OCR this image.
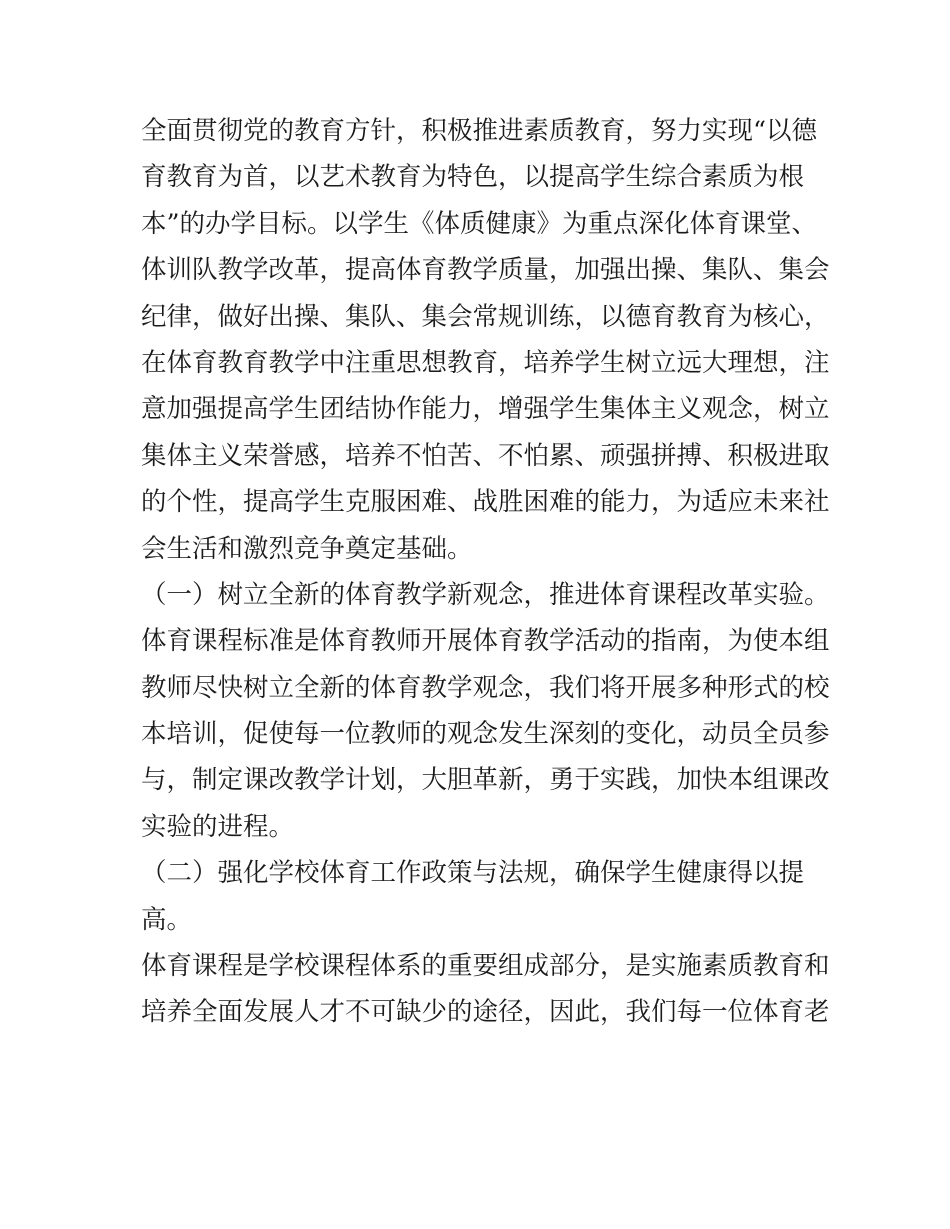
全面贯彻党的教育方针，积极推进素质教育，努力实现“以德
育教育为首，以艺术教育为特色，以提高学生综合素质为根
本”的办学目标。以学生《体质健康》为重点深化体育课堂、
体训队教学改革，提高体育教学质量，加强出操、集队、集会
纪律，做好出操、集队、集会常规训练，以德育教育为核心，
在体育教育教学中注重思想教育，培养学生树立远大理想，注
意加强提高学生团结协作能力，增强学生集体主义观念，树立
集体主义荣誉感，培养不怕苦、不怕累、顽强拼搏、积极进取
的个性，提高学生克服困难、战胜困难的能力，为适应未来社
会生活和激烈竞争奠定基础。
（一）树立全新的体育教学新观念，推进体育课程改革实验。
体育课程标准是体育教师开展体育教学活动的指南，为使本组
教师尽快树立全新的体育教学观念，我们将开展多种形式的校
本培训，促使每一位教师的观念发生深刻的变化，动员全员参
与，制定课改教学计划，大胆革新，勇于实践，加快本组课改
实验的进程。
（二）强化学校体育工作政策与法规，确保学生健康得以提
高。
体育课程是学校课程体系的重要组成部分，是实施素质教育和
培养全面发展人才不可缺少的途径，因此，我们每一位体育老
